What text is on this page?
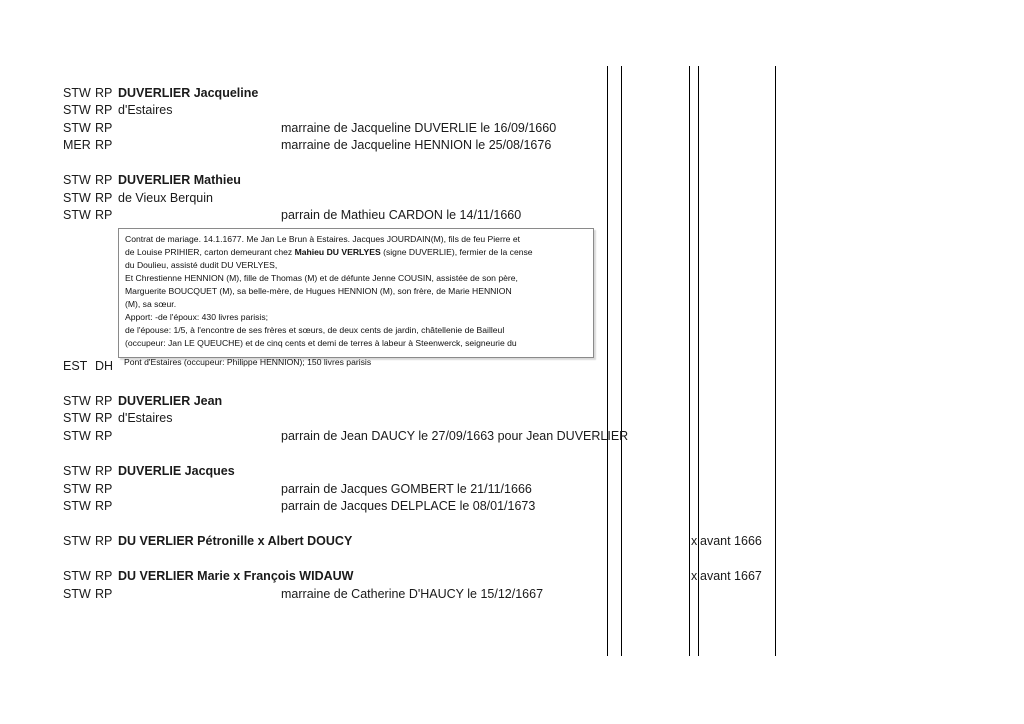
STW RP DUVERLIER Jacqueline
STW RP d'Estaires
STW RP	marraine de Jacqueline DUVERLIE le 16/09/1660
MER RP	marraine de Jacqueline HENNION le 25/08/1676
STW RP DUVERLIER Mathieu
STW RP de Vieux Berquin
STW RP	parrain de Mathieu CARDON le 14/11/1660
EST DH
STW RP DUVERLIER Jean
STW RP d'Estaires
STW RP	parrain de Jean DAUCY le 27/09/1663 pour Jean DUVERLIER
STW RP DUVERLIE Jacques
STW RP	parrain de Jacques GOMBERT le 21/11/1666
STW RP	parrain de Jacques DELPLACE le 08/01/1673
STW RP DU VERLIER Pétronille x Albert DOUCY	x avant 1666
STW RP DU VERLIER Marie x François WIDAUW	x avant 1667
STW RP	marraine de Catherine D'HAUCY le 15/12/1667

Contrat de mariage. 14.1.1677. Me Jan Le Brun à Estaires. Jacques JOURDAIN(M), fils de feu Pierre et

de Louise PRIHIER, carton demeurant chez Mahieu DU VERLYES (signe DUVERLIE), fermier de la cense

du Doulieu, assisté dudit DU VERLYES,

Et Chrestienne HENNION (M), fille de Thomas (M) et de défunte Jenne COUSIN, assistée de son père,

Marguerite BOUCQUET (M), sa belle-mère, de Hugues HENNION (M), son frère, de Marie HENNION

(M), sa sœur.

Apport: -de l'époux: 430 livres parisis;

de l'épouse: 1/5, à l'encontre de ses frères et sœurs, de deux cents de jardin, châtellenie de Bailleul

(occupeur: Jan LE QUEUCHE) et de cinq cents et demi de terres à labeur à Steenwerck, seigneurie du

Pont d'Estaires (occupeur: Philippe HENNION); 150 livres parisis
